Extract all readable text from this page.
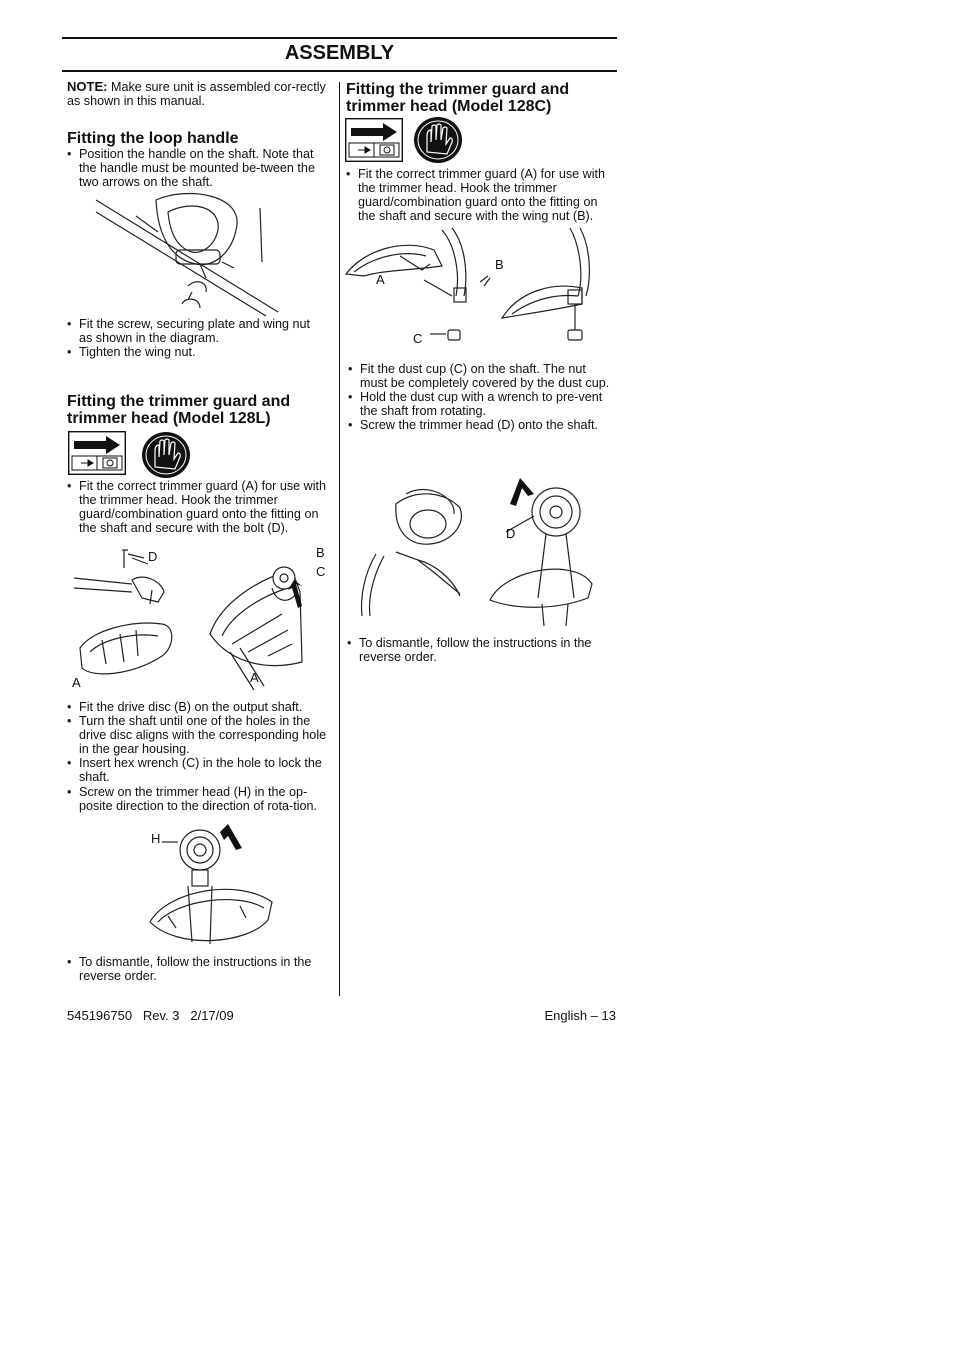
ASSEMBLY

NOTE: Make sure unit is assembled cor-rectly as shown in this manual.

Fitting the loop handle
• Position the handle on the shaft. Note that the handle must be mounted be-tween the two arrows on the shaft.
• Fit the screw, securing plate and wing nut as shown in the diagram.
• Tighten the wing nut.
Fitting the trimmer guard and
trimmer head (Model 128L)
• Fit the correct trimmer guard (A) for use with the trimmer head. Hook the trimmer guard/combination guard onto the fitting on the shaft and secure with the bolt (D).
D	B
C
A	A
• Fit the drive disc (B) on the output shaft.
• Turn the shaft until one of the holes in the drive disc aligns with the corresponding hole in the gear housing.
• Insert hex wrench (C) in the hole to lock the shaft.
• Screw on the trimmer head (H) in the op-posite direction to the direction of rota-tion.
H
• To dismantle, follow the instructions in the reverse order.
Fitting the trimmer guard and
trimmer head (Model 128C)
• Fit the correct trimmer guard (A) for use with the trimmer head. Hook the trimmer guard/combination guard onto the fitting on the shaft and secure with the wing nut (B).
A
B
C
• Fit the dust cup (C) on the shaft. The nut must be completely covered by the dust cup.
• Hold the dust cup with a wrench to pre-vent the shaft from rotating.
• Screw the trimmer head (D) onto the shaft.
D
• To dismantle, follow the instructions in the reverse order.
545196750   Rev. 3   2/17/09	English – 13
